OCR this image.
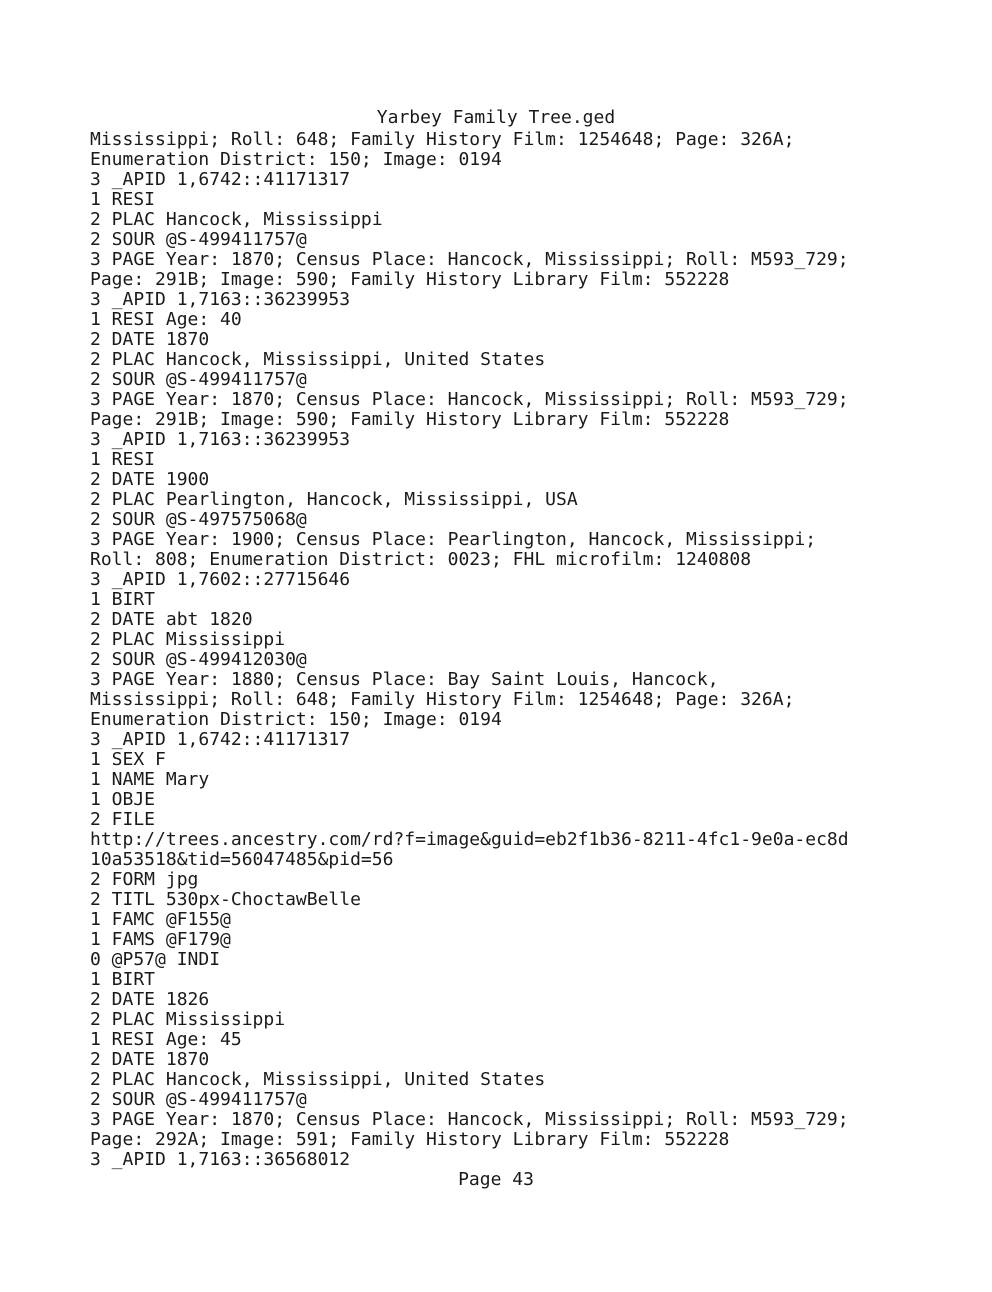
Yarbey Family Tree.ged
Mississippi; Roll: 648; Family History Film: 1254648; Page: 326A;
Enumeration District: 150; Image: 0194
3 _APID 1,6742::41171317
1 RESI
2 PLAC Hancock, Mississippi
2 SOUR @S-499411757@
3 PAGE Year: 1870; Census Place: Hancock, Mississippi; Roll: M593_729;
Page: 291B; Image: 590; Family History Library Film: 552228
3 _APID 1,7163::36239953
1 RESI Age: 40
2 DATE 1870
2 PLAC Hancock, Mississippi, United States
2 SOUR @S-499411757@
3 PAGE Year: 1870; Census Place: Hancock, Mississippi; Roll: M593_729;
Page: 291B; Image: 590; Family History Library Film: 552228
3 _APID 1,7163::36239953
1 RESI
2 DATE 1900
2 PLAC Pearlington, Hancock, Mississippi, USA
2 SOUR @S-497575068@
3 PAGE Year: 1900; Census Place: Pearlington, Hancock, Mississippi;
Roll: 808; Enumeration District: 0023; FHL microfilm: 1240808
3 _APID 1,7602::27715646
1 BIRT
2 DATE abt 1820
2 PLAC Mississippi
2 SOUR @S-499412030@
3 PAGE Year: 1880; Census Place: Bay Saint Louis, Hancock,
Mississippi; Roll: 648; Family History Film: 1254648; Page: 326A;
Enumeration District: 150; Image: 0194
3 _APID 1,6742::41171317
1 SEX F
1 NAME Mary
1 OBJE
2 FILE
http://trees.ancestry.com/rd?f=image&guid=eb2f1b36-8211-4fc1-9e0a-ec8d
10a53518&tid=56047485&pid=56
2 FORM jpg
2 TITL 530px-ChoctawBelle
1 FAMC @F155@
1 FAMS @F179@
0 @P57@ INDI
1 BIRT
2 DATE 1826
2 PLAC Mississippi
1 RESI Age: 45
2 DATE 1870
2 PLAC Hancock, Mississippi, United States
2 SOUR @S-499411757@
3 PAGE Year: 1870; Census Place: Hancock, Mississippi; Roll: M593_729;
Page: 292A; Image: 591; Family History Library Film: 552228
3 _APID 1,7163::36568012
Page 43
